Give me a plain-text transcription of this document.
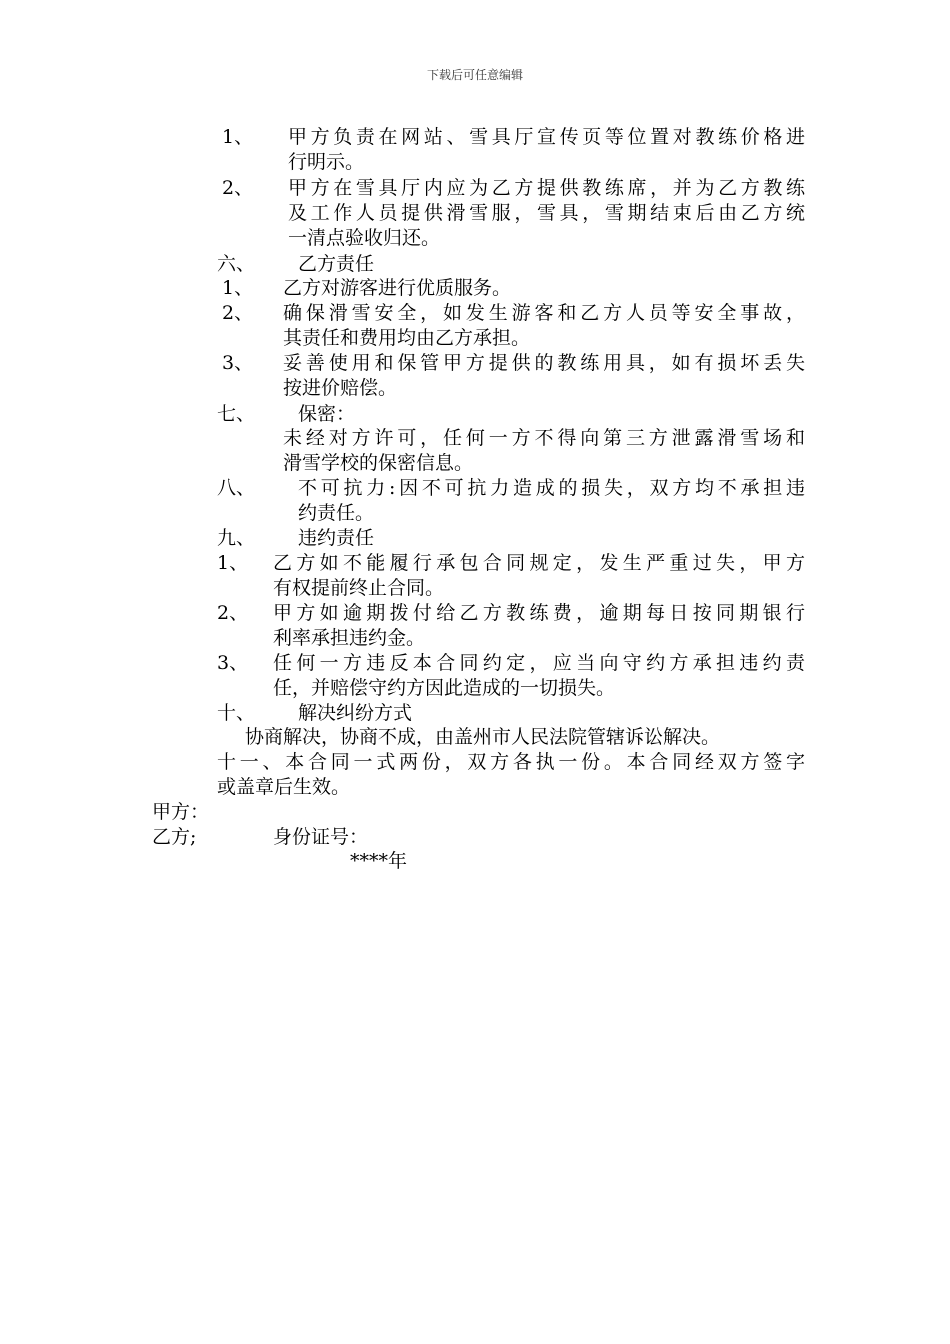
下载后可任意编辑
1、 甲方负责在网站、雪具厅宣传页等位置对教练价格进
行明示。
2、 甲方在雪具厅内应为乙方提供教练席，并为乙方教练
及工作人员提供滑雪服，雪具，雪期结束后由乙方统
一清点验收归还。
六、 乙方责任
1、 乙方对游客进行优质服务。
2、 确保滑雪安全，如发生游客和乙方人员等安全事故，
其责任和费用均由乙方承担。
3、 妥善使用和保管甲方提供的教练用具，如有损坏丢失
按进价赔偿。
七、 保密：
未经对方许可，任何一方不得向第三方泄露滑雪场和
滑雪学校的保密信息。
八、 不可抗力:因不可抗力造成的损失，双方均不承担违
约责任。
九、 违约责任
1、 乙方如不能履行承包合同规定，发生严重过失，甲方
有权提前终止合同。
2、 甲方如逾期拨付给乙方教练费，逾期每日按同期银行
利率承担违约金。
3、 任何一方违反本合同约定，应当向守约方承担违约责
任，并赔偿守约方因此造成的一切损失。
十、 解决纠纷方式
协商解决，协商不成，由盖州市人民法院管辖诉讼解决。
十一、本合同一式两份，双方各执一份。本合同经双方签字
或盖章后生效。
甲方：
乙方;	身份证号：
****年
